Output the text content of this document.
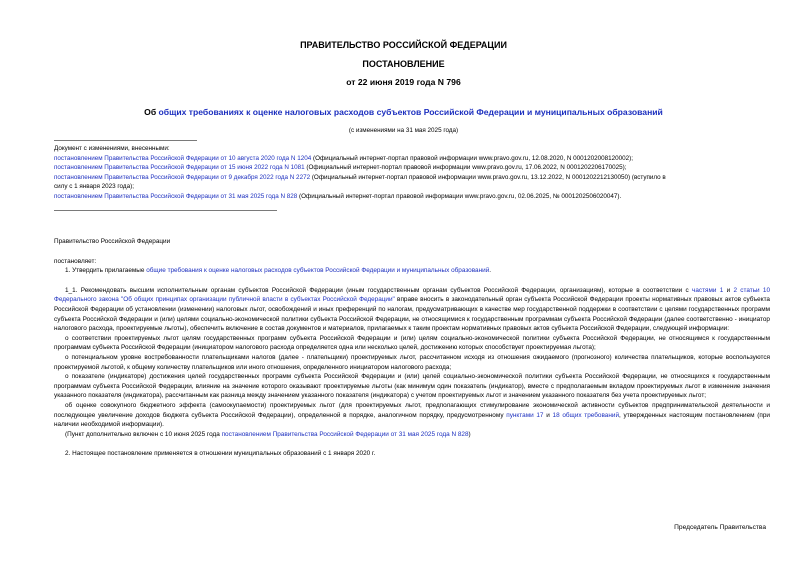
ПРАВИТЕЛЬСТВО РОССИЙСКОЙ ФЕДЕРАЦИИ
ПОСТАНОВЛЕНИЕ
от 22 июня 2019 года N 796
Об общих требованиях к оценке налоговых расходов субъектов Российской Федерации и муниципальных образований
(с изменениями на 31 мая 2025 года)
Документ с изменениями, внесенными:
постановлением Правительства Российской Федерации от 10 августа 2020 года N 1204 (Официальный интернет-портал правовой информации www.pravo.gov.ru, 12.08.2020, N 0001202008120002);
постановлением Правительства Российской Федерации от 15 июня 2022 года N 1081 (Официальный интернет-портал правовой информации www.pravo.gov.ru, 17.06.2022, N 0001202206170025);
постановлением Правительства Российской Федерации от 9 декабря 2022 года N 2272 (Официальный интернет-портал правовой информации www.pravo.gov.ru, 13.12.2022, N 0001202212130050) (вступило в
силу с 1 января 2023 года);
постановлением Правительства Российской Федерации от 31 мая 2025 года N 828 (Официальный интернет-портал правовой информации www.pravo.gov.ru, 02.06.2025, № 0001202506020047).

Правительство Российской Федерации

постановляет:

1. Утвердить прилагаемые общие требования к оценке налоговых расходов субъектов Российской Федерации и муниципальных образований.

1_1. Рекомендовать высшим исполнительным органам субъектов Российской Федерации (иным государственным органам субъектов Российской Федерации, организациям), которые в соответствии с частями 1 и 2 статьи 10 Федерального закона "Об общих принципах организации публичной власти в субъектах Российской Федерации" вправе вносить в законодательный орган субъекта Российской Федерации проекты нормативных правовых актов субъекта Российской Федерации об установлении (изменении) налоговых льгот, освобождений и иных преференций по налогам, предусматривающих в качестве мер государственной поддержки в соответствии с целями государственных программ субъекта Российской Федерации и (или) целями социально-экономической политики субъекта Российской Федерации, не относящимися к государственным программам субъекта Российской Федерации (далее соответственно - инициатор налогового расхода, проектируемые льготы), обеспечить включение в состав документов и материалов, прилагаемых к таким проектам нормативных правовых актов субъекта Российской Федерации, следующей информации:

о соответствии проектируемых льгот целям государственных программ субъекта Российской Федерации и (или) целям социально-экономической политики субъекта Российской Федерации, не относящимся к государственным программам субъекта Российской Федерации (инициатором налогового расхода определяется одна или несколько целей, достижению которых способствует проектируемая льгота);

о потенциальном уровне востребованности плательщиками налогов (далее - плательщики) проектируемых льгот, рассчитанном исходя из отношения ожидаемого (прогнозного) количества плательщиков, которые воспользуются проектируемой льготой, к общему количеству плательщиков или иного отношения, определенного инициатором налогового расхода;

о показателе (индикаторе) достижения целей государственных программ субъекта Российской Федерации и (или) целей социально-экономической политики субъекта Российской Федерации, не относящихся к государственным программам субъекта Российской Федерации, влияние на значение которого оказывают проектируемые льготы (как минимум один показатель (индикатор), вместе с предполагаемым вкладом проектируемых льгот в изменение значения указанного показателя (индикатора), рассчитанным как разница между значением указанного показателя (индикатора) с учетом проектируемых льгот и значением указанного показателя без учета проектируемых льгот;

об оценке совокупного бюджетного эффекта (самоокупаемости) проектируемых льгот (для проектируемых льгот, предполагающих стимулирование экономической активности субъектов предпринимательской деятельности и последующее увеличение доходов бюджета субъекта Российской Федерации), определенной в порядке, аналогичном порядку, предусмотренному пунктами 17 и 18 общих требований, утвержденных настоящим постановлением (при наличии необходимой информации).

(Пункт дополнительно включен с 10 июня 2025 года постановлением Правительства Российской Федерации от 31 мая 2025 года N 828)

2. Настоящее постановление применяется в отношении муниципальных образований с 1 января 2020 г.

Председатель Правительства
